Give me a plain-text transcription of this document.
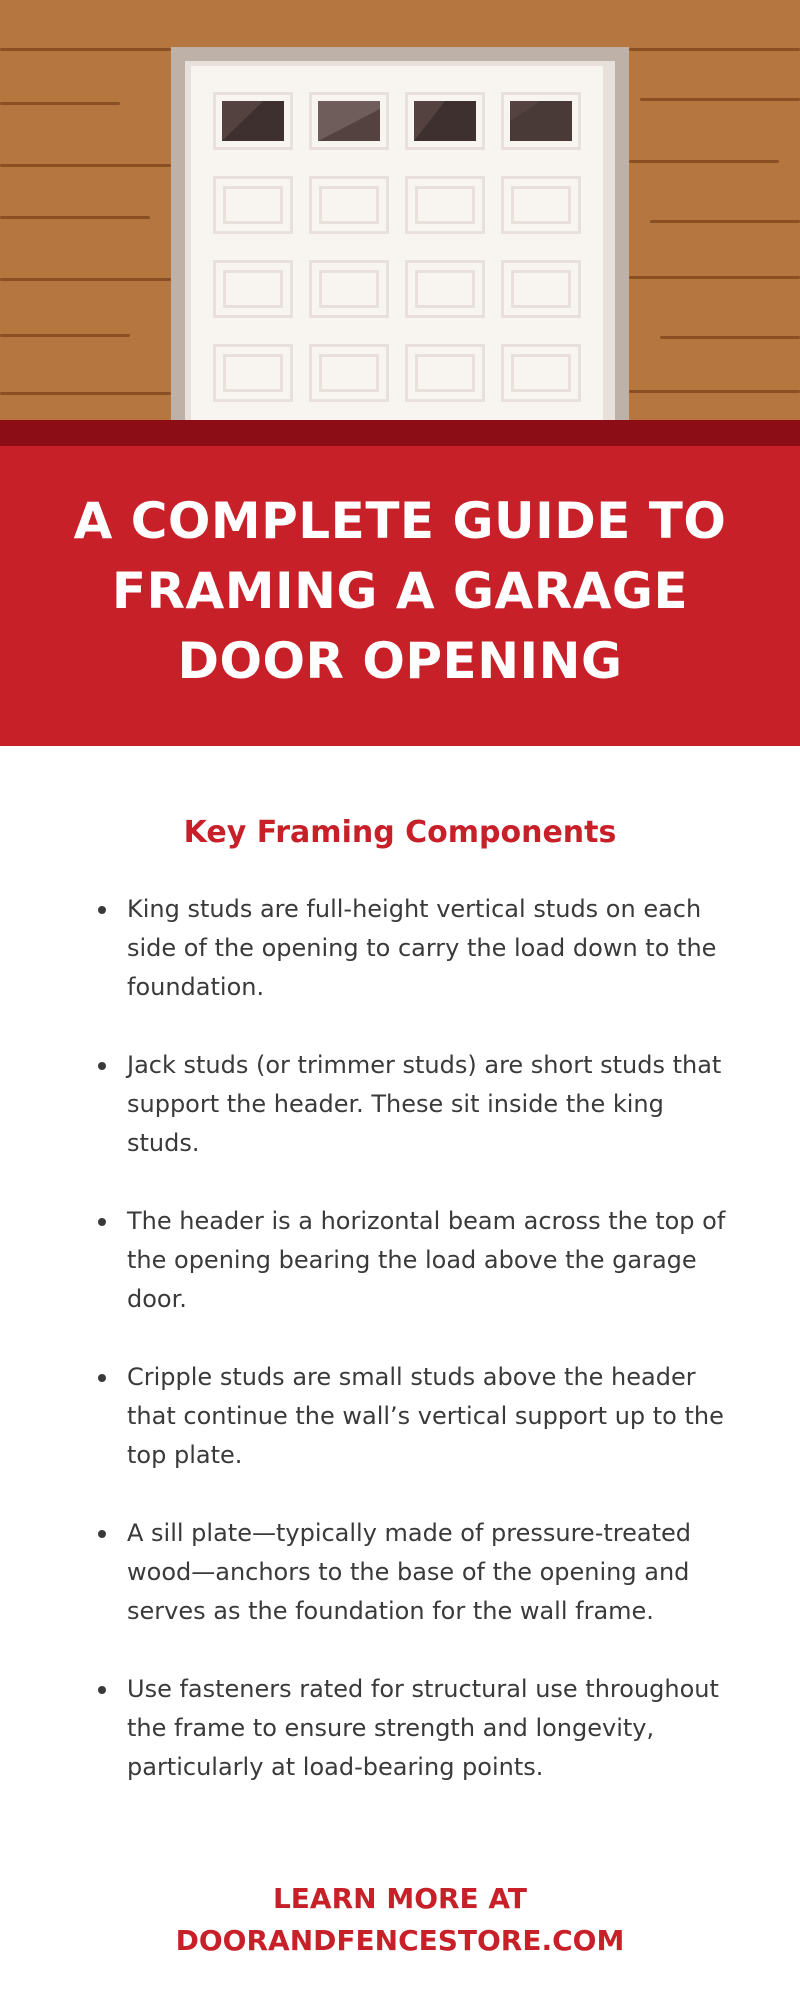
A COMPLETE GUIDE TO FRAMING A GARAGE DOOR OPENING
Key Framing Components
King studs are full-height vertical studs on each side of the opening to carry the load down to the foundation.
Jack studs (or trimmer studs) are short studs that support the header. These sit inside the king studs.
The header is a horizontal beam across the top of the opening bearing the load above the garage door.
Cripple studs are small studs above the header that continue the wall’s vertical support up to the top plate.
A sill plate—typically made of pressure-treated wood—anchors to the base of the opening and serves as the foundation for the wall frame.
Use fasteners rated for structural use throughout the frame to ensure strength and longevity, particularly at load-bearing points.
LEARN MORE AT
DOORANDFENCESTORE.COM
